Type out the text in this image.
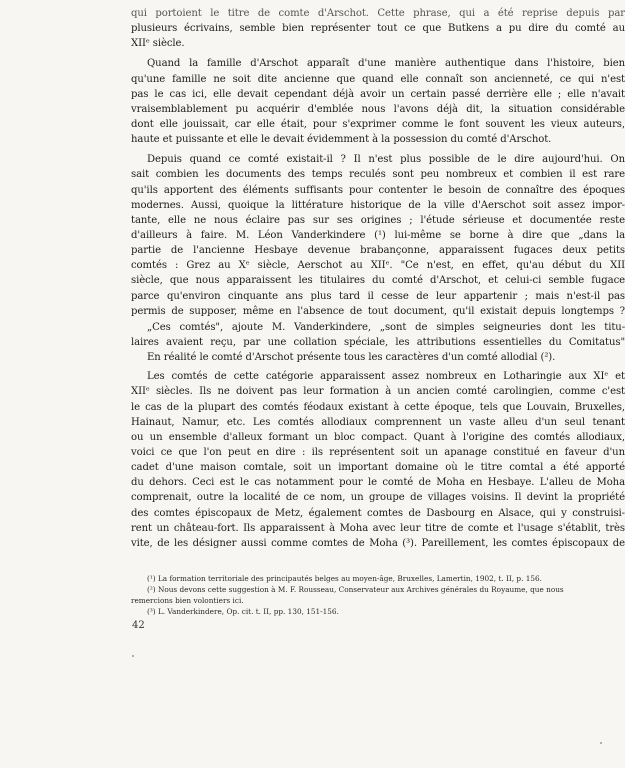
qui portoient le titre de comte d'Arschot. Cette phrase, qui a été reprise depuis par
plusieurs écrivains, semble bien représenter tout ce que Butkens a pu dire du comté au
XIIᵉ siècle.
Quand la famille d'Arschot apparaît d'une manière authentique dans l'histoire, bien
qu'une famille ne soit dite ancienne que quand elle connaît son ancienneté, ce qui n'est
pas le cas ici, elle devait cependant déjà avoir un certain passé derrière elle ; elle n'avait
vraisemblablement pu acquérir d'emblée nous l'avons déjà dit, la situation considérable
dont elle jouissait, car elle était, pour s'exprimer comme le font souvent les vieux auteurs,
haute et puissante et elle le devait évidemment à la possession du comté d'Arschot.
Depuis quand ce comté existait-il ? Il n'est plus possible de le dire aujourd'hui. On
sait combien les documents des temps reculés sont peu nombreux et combien il est rare
qu'ils apportent des éléments suffisants pour contenter le besoin de connaître des époques
modernes. Aussi, quoique la littérature historique de la ville d'Aerschot soit assez impor-
tante, elle ne nous éclaire pas sur ses origines ; l'étude sérieuse et documentée reste
d'ailleurs à faire. M. Léon Vanderkindere (¹) lui-même se borne à dire que „dans la
partie de l'ancienne Hesbaye devenue brabançonne, apparaissent fugaces deux petits
comtés : Grez au Xᵉ siècle, Aerschot au XIIᵉ. "Ce n'est, en effet, qu'au début du XII
siècle, que nous apparaissent les titulaires du comté d'Arschot, et celui-ci semble fugace
parce qu'environ cinquante ans plus tard il cesse de leur appartenir ; mais n'est-il pas
permis de supposer, même en l'absence de tout document, qu'il existait depuis longtemps ?
„Ces comtés", ajoute M. Vanderkindere, „sont de simples seigneuries dont les titu-
laires avaient reçu, par une collation spéciale, les attributions essentielles du Comitatus"
En réalité le comté d'Arschot présente tous les caractères d'un comté allodial (²).
Les comtés de cette catégorie apparaissent assez nombreux en Lotharingie aux XIᵉ et
XIIᵉ siècles. Ils ne doivent pas leur formation à un ancien comté carolingien, comme c'est
le cas de la plupart des comtés féodaux existant à cette époque, tels que Louvain, Bruxelles,
Hainaut, Namur, etc. Les comtés allodiaux comprennent un vaste alleu d'un seul tenant
ou un ensemble d'alleux formant un bloc compact. Quant à l'origine des comtés allodiaux,
voici ce que l'on peut en dire : ils représentent soit un apanage constitué en faveur d'un
cadet d'une maison comtale, soit un important domaine où le titre comtal a été apporté
du dehors. Ceci est le cas notamment pour le comté de Moha en Hesbaye. L'alleu de Moha
comprenait, outre la localité de ce nom, un groupe de villages voisins. Il devint la propriété
des comtes épiscopaux de Metz, également comtes de Dasbourg en Alsace, qui y construisi-
rent un château-fort. Ils apparaissent à Moha avec leur titre de comte et l'usage s'établit, très
vite, de les désigner aussi comme comtes de Moha (³). Pareillement, les comtes épiscopaux de
(¹) La formation territoriale des principautés belges au moyen-âge, Bruxelles, Lamertin, 1902, t. II, p. 156.
(²) Nous devons cette suggestion à M. F. Rousseau, Conservateur aux Archives générales du Royaume, que nous
remercions bien volontiers ici.
(³) L. Vanderkindere, Op. cit. t. II, pp. 130, 151-156.
42
